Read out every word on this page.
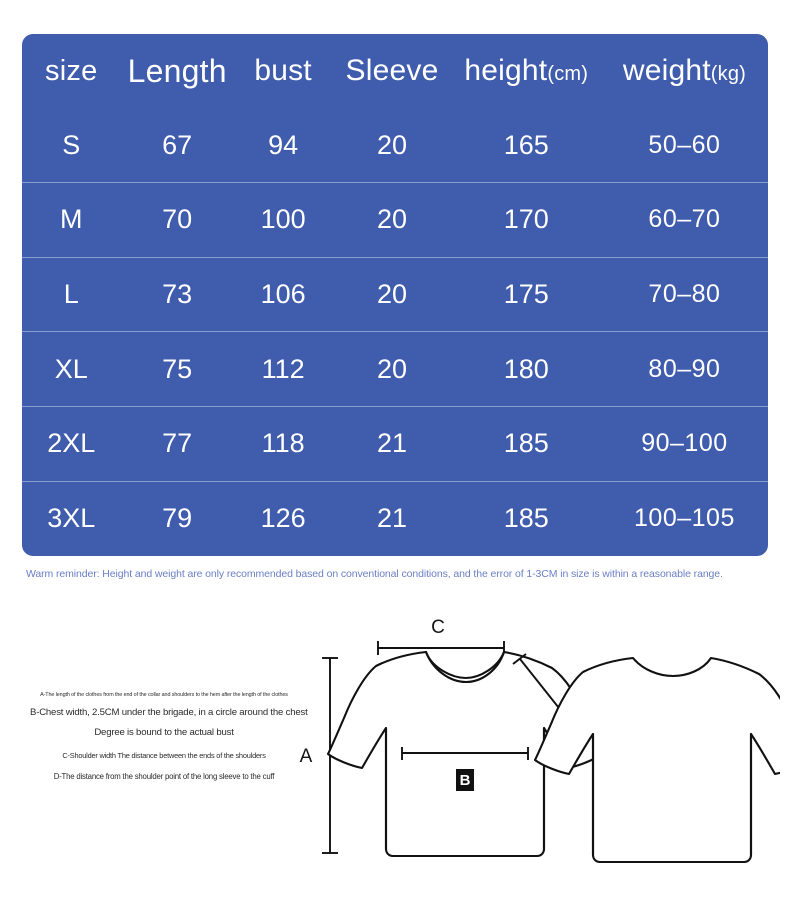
size	Length	bust	Sleeve	height(cm)	weight(kg)
S	67	94	20	165	50–60
M	70	100	20	170	60–70
L	73	106	20	175	70–80
XL	75	112	20	180	80–90
2XL	77	118	21	185	90–100
3XL	79	126	21	185	100–105
Warm reminder: Height and weight are only recommended based on conventional conditions, and the error of 1-3CM in size is within a reasonable range.
A-The length of the clothes from the end of the collar and shoulders to the hem after the length of the clothes
B-Chest width, 2.5CM under the brigade, in a circle around the chest
Degree is bound to the actual bust
C-Shoulder width The distance between the ends of the shoulders
D-The distance from the shoulder point of the long sleeve to the cuff
A
C
B
